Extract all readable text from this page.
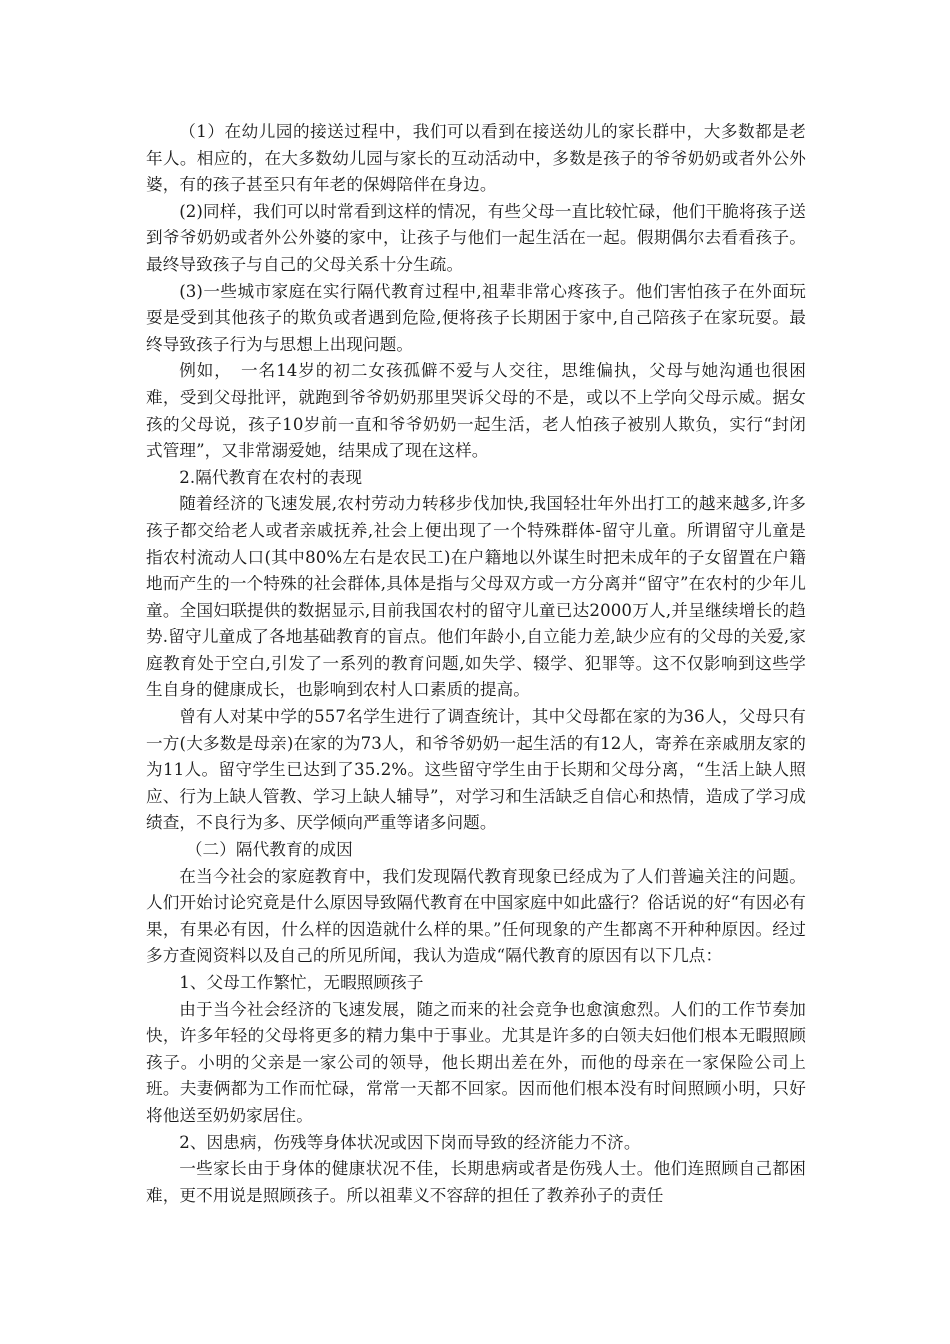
（1）在幼儿园的接送过程中，我们可以看到在接送幼儿的家长群中，大多数都是老年人。相应的，在大多数幼儿园与家长的互动活动中，多数是孩子的爷爷奶奶或者外公外婆，有的孩子甚至只有年老的保姆陪伴在身边。

(2)同样，我们可以时常看到这样的情况，有些父母一直比较忙碌，他们干脆将孩子送到爷爷奶奶或者外公外婆的家中，让孩子与他们一起生活在一起。假期偶尔去看看孩子。最终导致孩子与自己的父母关系十分生疏。

(3)一些城市家庭在实行隔代教育过程中,祖辈非常心疼孩子。他们害怕孩子在外面玩耍是受到其他孩子的欺负或者遇到危险,便将孩子长期困于家中,自己陪孩子在家玩耍。最终导致孩子行为与思想上出现问题。

例如，　一名14岁的初二女孩孤僻不爱与人交往，思维偏执，父母与她沟通也很困难，受到父母批评，就跑到爷爷奶奶那里哭诉父母的不是，或以不上学向父母示威。据女孩的父母说，孩子10岁前一直和爷爷奶奶一起生活，老人怕孩子被别人欺负，实行“封闭式管理”，又非常溺爱她，结果成了现在这样。

2.隔代教育在农村的表现

随着经济的飞速发展,农村劳动力转移步伐加快,我国轻壮年外出打工的越来越多,许多孩子都交给老人或者亲戚抚养,社会上便出现了一个特殊群体-留守儿童。所谓留守儿童是指农村流动人口(其中80%左右是农民工)在户籍地以外谋生时把未成年的子女留置在户籍地而产生的一个特殊的社会群体,具体是指与父母双方或一方分离并“留守”在农村的少年儿童。全国妇联提供的数据显示,目前我国农村的留守儿童已达2000万人,并呈继续增长的趋势.留守儿童成了各地基础教育的盲点。他们年龄小,自立能力差,缺少应有的父母的关爱,家庭教育处于空白,引发了一系列的教育问题,如失学、辍学、犯罪等。这不仅影响到这些学生自身的健康成长，也影响到农村人口素质的提高。

曾有人对某中学的557名学生进行了调查统计，其中父母都在家的为36人，父母只有一方(大多数是母亲)在家的为73人，和爷爷奶奶一起生活的有12人，寄养在亲戚朋友家的为11人。留守学生已达到了35.2%。这些留守学生由于长期和父母分离，“生活上缺人照应、行为上缺人管教、学习上缺人辅导”，对学习和生活缺乏自信心和热情，造成了学习成绩查，不良行为多、厌学倾向严重等诸多问题。

（二）隔代教育的成因

在当今社会的家庭教育中，我们发现隔代教育现象已经成为了人们普遍关注的问题。人们开始讨论究竟是什么原因导致隔代教育在中国家庭中如此盛行？俗话说的好“有因必有果，有果必有因，什么样的因造就什么样的果。”任何现象的产生都离不开种种原因。经过多方查阅资料以及自己的所见所闻，我认为造成“隔代教育的原因有以下几点：

1、父母工作繁忙，无暇照顾孩子

由于当今社会经济的飞速发展，随之而来的社会竞争也愈演愈烈。人们的工作节奏加快，许多年轻的父母将更多的精力集中于事业。尤其是许多的白领夫妇他们根本无暇照顾孩子。小明的父亲是一家公司的领导，他长期出差在外，而他的母亲在一家保险公司上班。夫妻俩都为工作而忙碌，常常一天都不回家。因而他们根本没有时间照顾小明，只好将他送至奶奶家居住。

2、因患病，伤残等身体状况或因下岗而导致的经济能力不济。

一些家长由于身体的健康状况不佳，长期患病或者是伤残人士。他们连照顾自己都困难，更不用说是照顾孩子。所以祖辈义不容辞的担任了教养孙子的责任
